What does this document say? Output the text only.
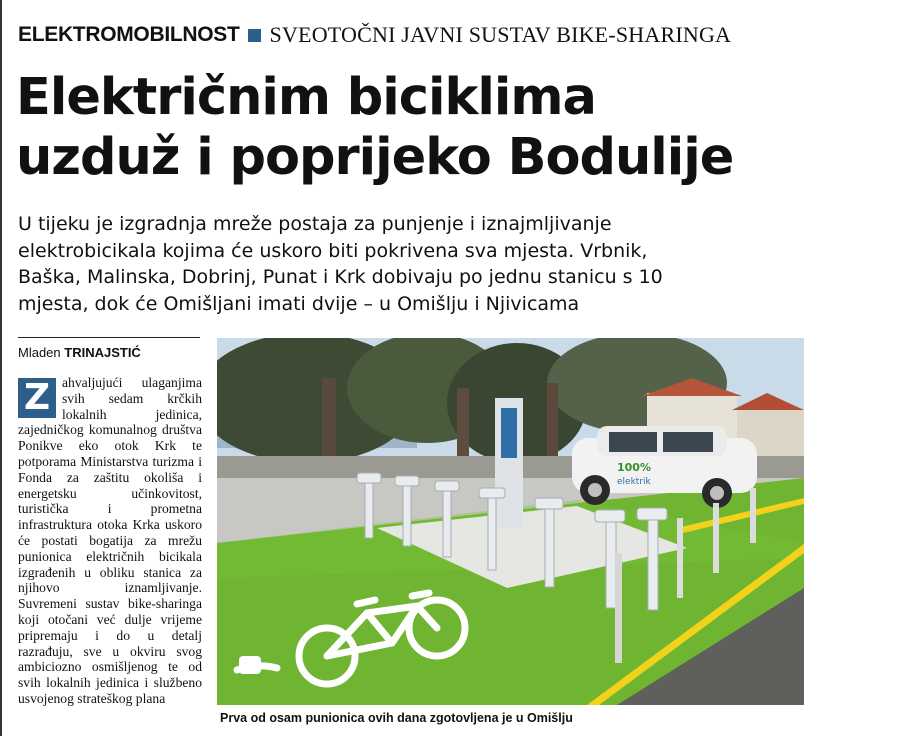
ELEKTROMOBILNOST SVEOTOČNI JAVNI SUSTAV BIKE-SHARINGA
Električnim biciklima
uzduž i poprijeko Bodulije

U tijeku je izgradnja mreže postaja za punjenje i iznajmljivanje
elektrobicikala kojima će uskoro biti pokrivena sva mjesta. Vrbnik,
Baška, Malinska, Dobrinj, Punat i Krk dobivaju po jednu stanicu s 10
mjesta, dok će Omišljani imati dvije – u Omišlju i Njivicama

Mladen TRINAJSTIĆ
Z ahvaljujući ulaganjima svih sedam krčkih lokalnih jedinica, zajedničkog komunalnog društva Ponikve eko otok Krk te potporama Ministarstva turizma i Fonda za zaštitu okoliša i energetsku učinkovitost, turistička i prometna infrastruktura otoka Krka uskoro će postati bogatija za mrežu punionica električnih bicikala izgrađenih u obliku stanica za njihovo iznamljivanje. Suvremeni sustav bike-sharinga koji otočani već dulje vrijeme pripremaju i do u detalj razrađuju, sve u okviru svog ambiciozno osmišljenog te od svih lokalnih jedinica i službeno usvojenog strateškog plana

100%
elektrik
Prva od osam punionica ovih dana zgotovljena je u Omišlju
